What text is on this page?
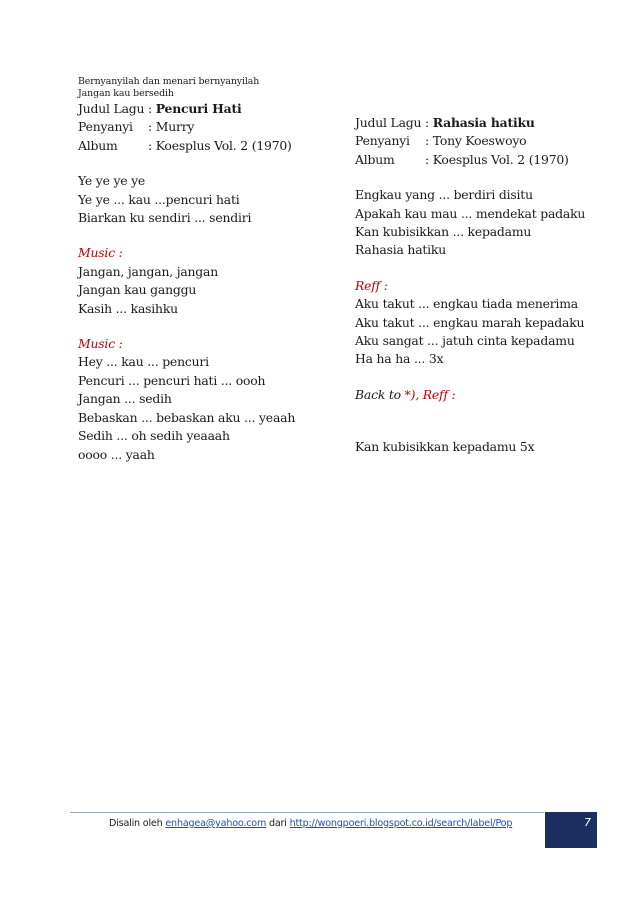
Bernyanyilah dan menari bernyanyilah
Jangan kau bersedih
Judul Lagu : Pencuri Hati
Penyanyi	: Murry
Album	: Koesplus Vol. 2 (1970)
Ye ye ye ye
Ye ye ... kau ...pencuri hati
Biarkan ku sendiri ... sendiri
Music :
Jangan, jangan, jangan
Jangan kau ganggu
Kasih ... kasihku
Music :
Hey ... kau ... pencuri
Pencuri ... pencuri hati ... oooh
Jangan ... sedih
Bebaskan ... bebaskan aku ... yeaah
Sedih ... oh sedih yeaaah
oooo ... yaah
Judul Lagu : Rahasia hatiku
Penyanyi	: Tony Koeswoyo
Album	: Koesplus Vol. 2 (1970)
Engkau yang ... berdiri disitu
Apakah kau mau ... mendekat padaku
Kan kubisikkan ... kepadamu
Rahasia hatiku
Reff :
Aku takut ... engkau tiada menerima
Aku takut ... engkau marah kepadaku
Aku sangat ... jatuh cinta kepadamu
Ha ha ha ... 3x
Back to *), Reff :
Kan kubisikkan kepadamu 5x
Disalin oleh enhagea@yahoo.com dari http://wongpoeri.blogspot.co.id/search/label/Pop	7
